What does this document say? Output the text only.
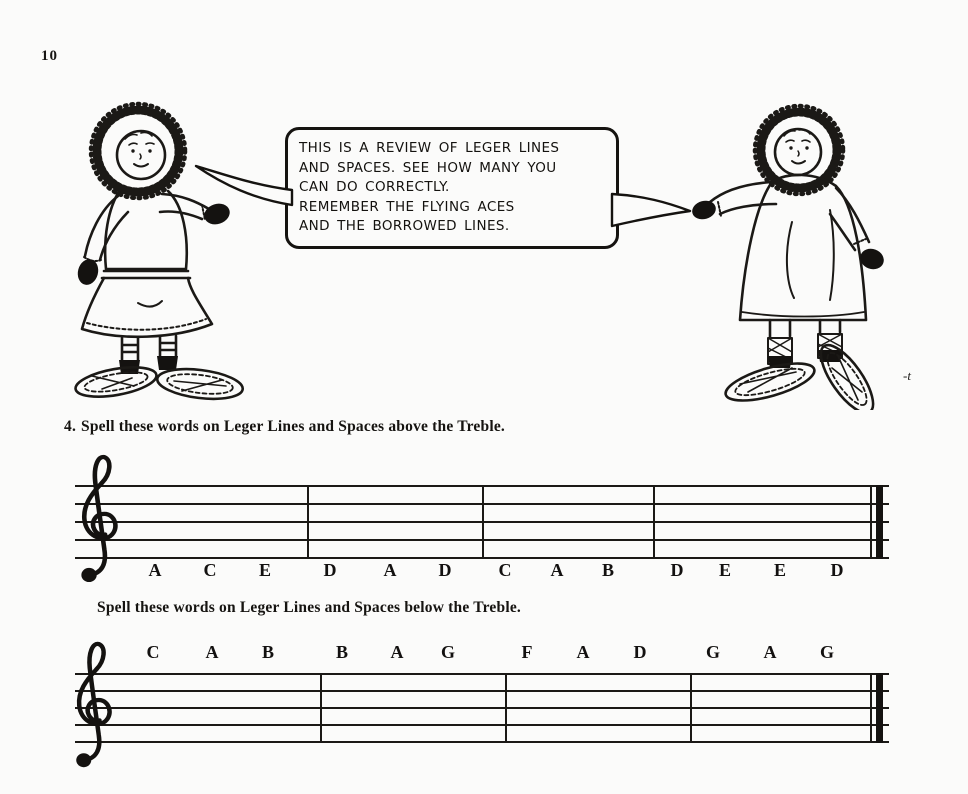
10
THIS IS A REVIEW OF LEGER LINES
AND SPACES. SEE HOW MANY YOU
CAN DO CORRECTLY.
REMEMBER THE FLYING ACES
AND THE BORROWED LINES.
-t
4. Spell these words on Leger Lines and Spaces above the Treble.
A C E	D	A D	C A B	D E E D
Spell these words on Leger Lines and Spaces below the Treble.
C	A B	B A G	F A D	G A G
